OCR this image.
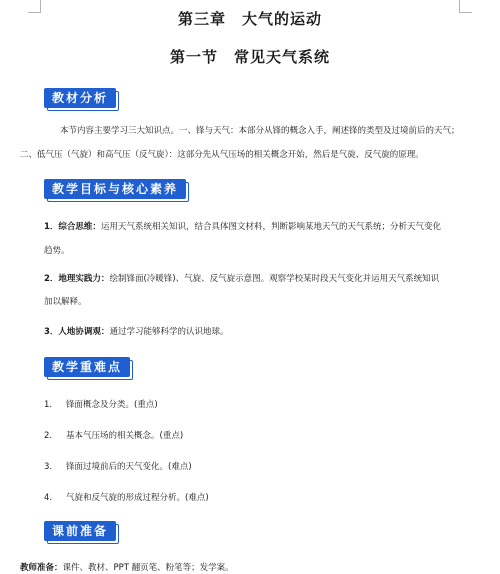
第三章　大气的运动
第一节　常见天气系统
教材分析
本节内容主要学习三大知识点。一、锋与天气：本部分从锋的概念入手，阐述锋的类型及过境前后的天气；
二、低气压（气旋）和高气压（反气旋）：这部分先从气压场的相关概念开始，然后是气旋、反气旋的原理。
教学目标与核心素养
1．综合思维：运用天气系统相关知识，结合具体图文材料，判断影响某地天气的天气系统；分析天气变化
趋势。
2．地理实践力：绘制锋面(冷暖锋)、气旋、反气旋示意图。观察学校某时段天气变化并运用天气系统知识
加以解释。
3．人地协调观：通过学习能够科学的认识地球。
教学重难点
1. 锋面概念及分类。(重点)
2. 基本气压场的相关概念。(重点)
3. 锋面过境前后的天气变化。(难点)
4. 气旋和反气旋的形成过程分析。(难点)
课前准备
教师准备：课件、教材、PPT 翻页笔、粉笔等；发学案。
